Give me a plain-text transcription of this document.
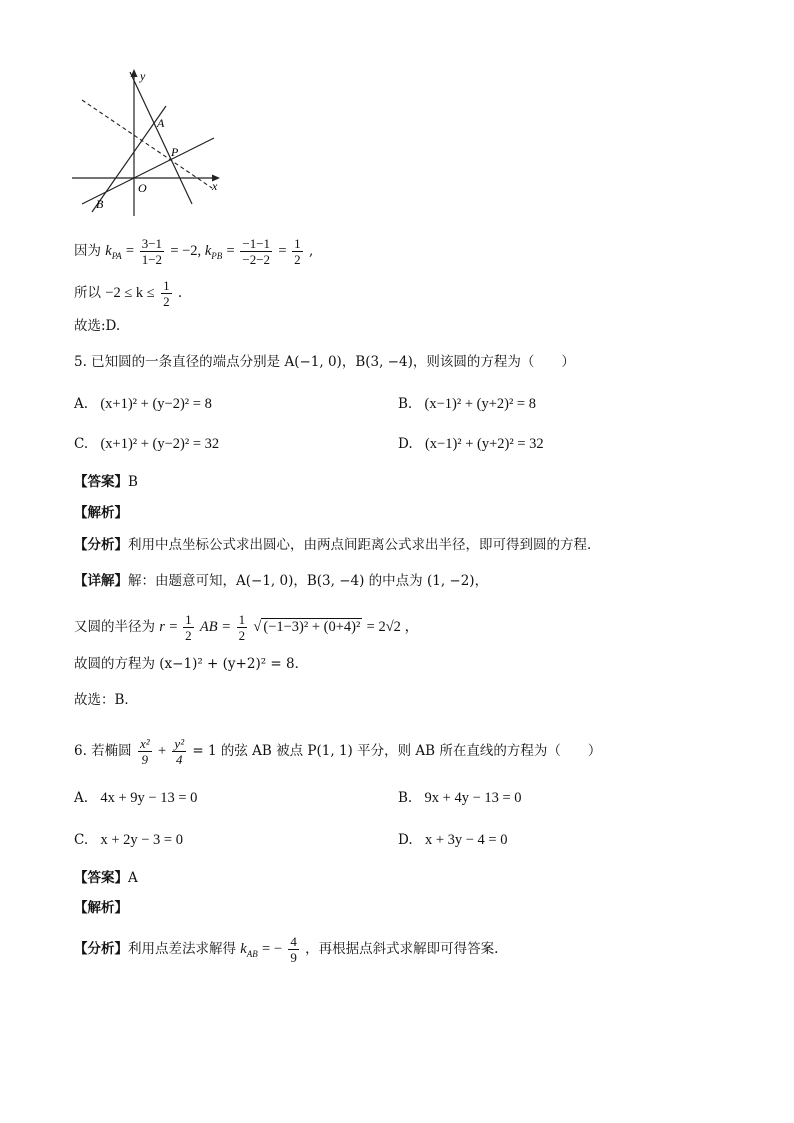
y
x
O
A
P
B
因为 $k_{PA} = \frac{3-1}{1-2} = -2$, $k_{PB} = \frac{-1-1}{-2-2} = \frac{1}{2}$ ,
所以 $-2 \le k \le \frac{1}{2}$ .
故选:D.
5. 已知圆的一条直径的端点分别是 A(−1, 0)，B(3, −4)，则该圆的方程为（　　）
A. (x+1)² + (y−2)² = 8	B. (x−1)² + (y+2)² = 8
C. (x+1)² + (y−2)² = 32	D. (x−1)² + (y+2)² = 32
【答案】B
【解析】
【分析】利用中点坐标公式求出圆心，由两点间距离公式求出半径，即可得到圆的方程．
【详解】解：由题意可知，A(−1, 0)，B(3, −4) 的中点为 (1, −2)，
又圆的半径为 $r = \frac{1}{2}$ AB = $\frac{1}{2}$ √ (−1−3)² + (0+4)² = 2√2 ，
故圆的方程为 (x−1)² + (y+2)² = 8．
故选：B．
6. 若椭圆 $\frac{\text{x²}}{9} + \frac{\text{y²}}{4} = 1$ 的弦 AB 被点 P(1, 1) 平分，则 AB 所在直线的方程为（　　）
A. 4x + 9y − 13 = 0	B. 9x + 4y − 13 = 0
C. x + 2y − 3 = 0	D. x + 3y − 4 = 0
【答案】A
【解析】
【分析】利用点差法求解得 $k_{AB}$ = − $\frac{4}{9}$ ，再根据点斜式求解即可得答案.
